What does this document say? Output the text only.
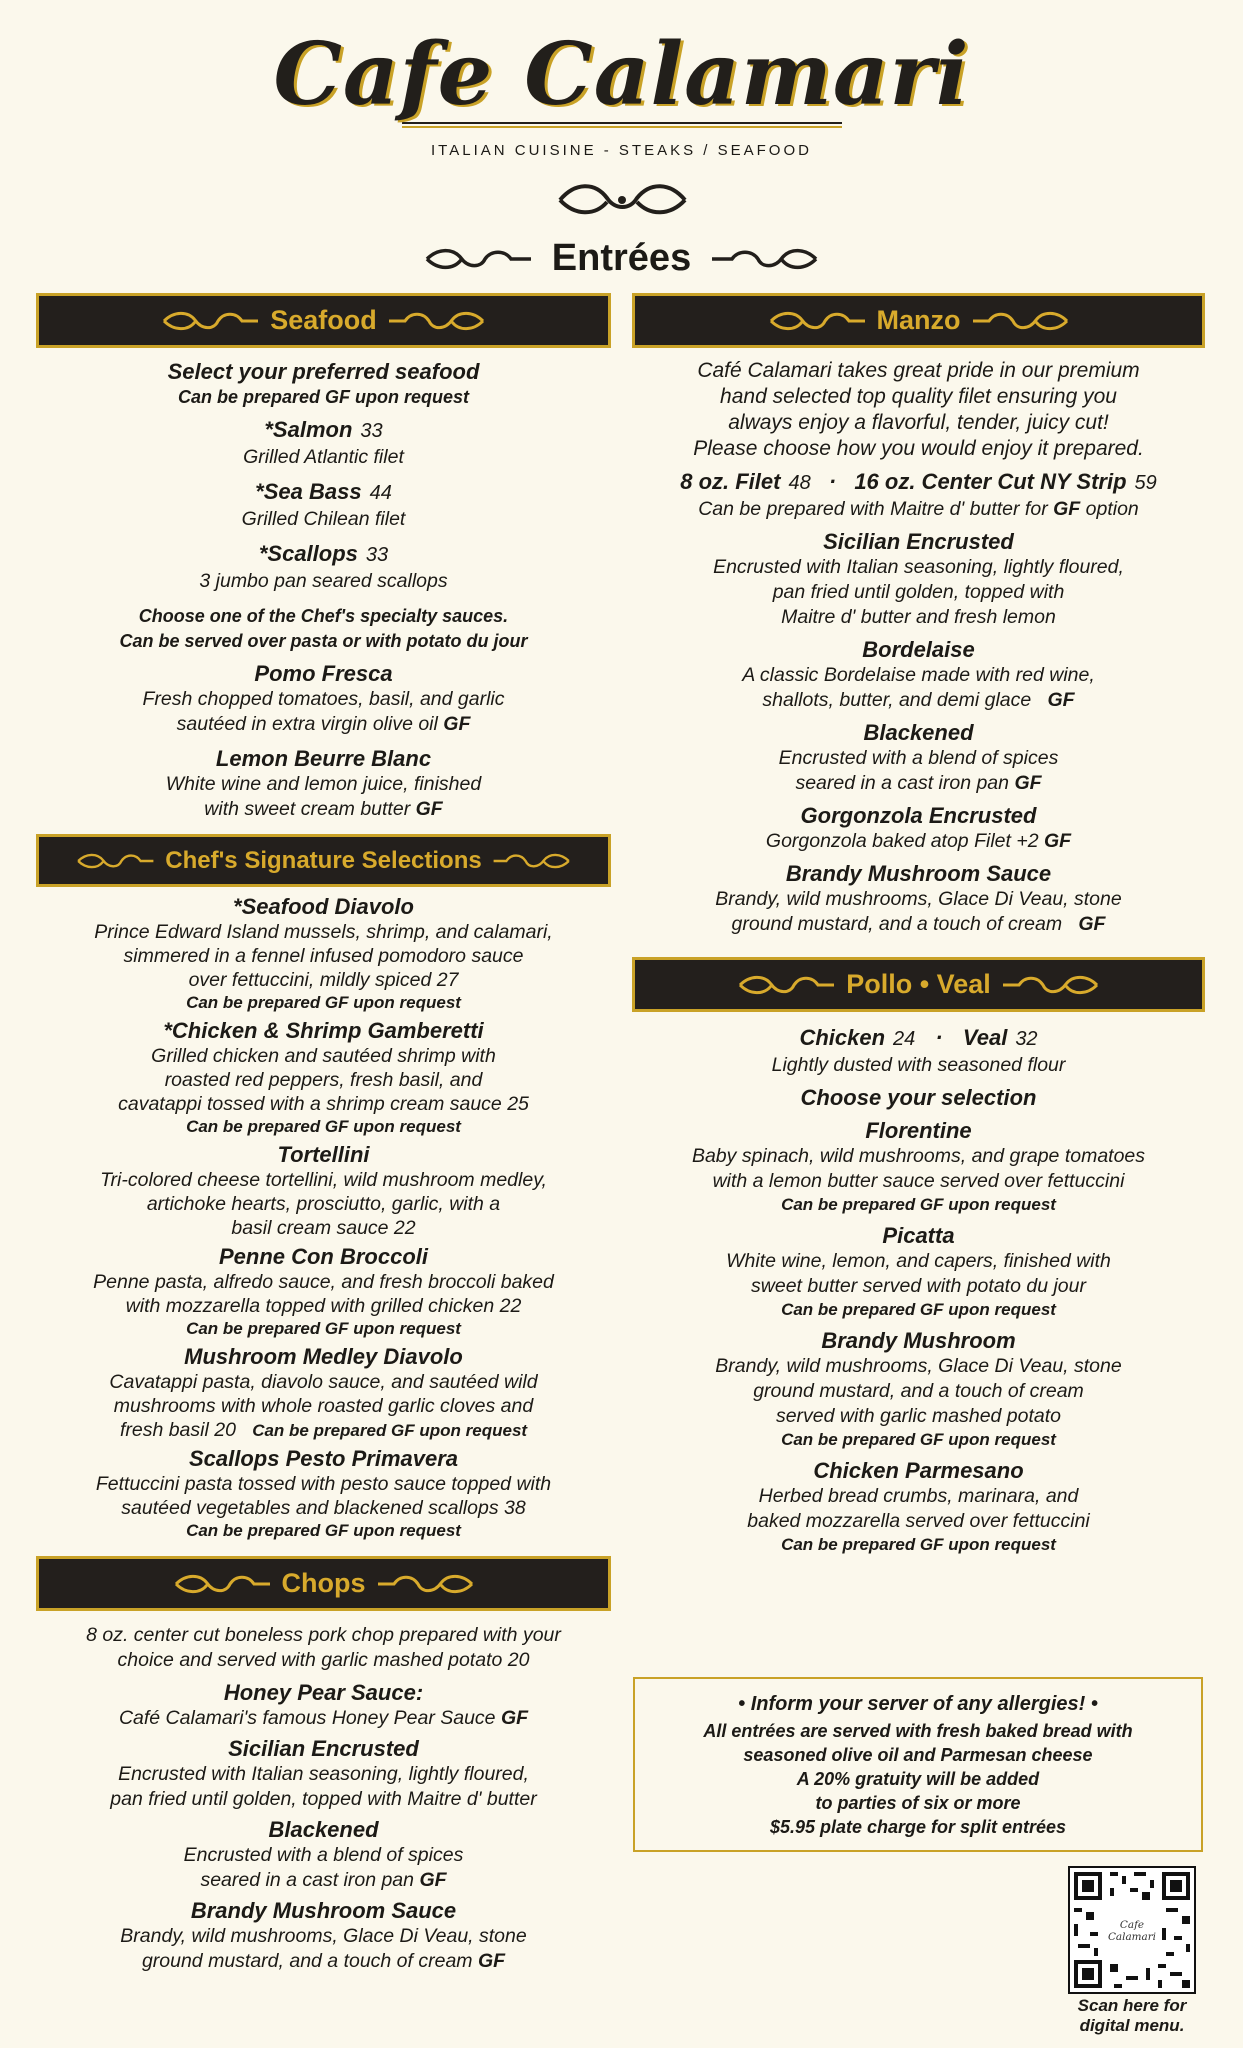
Cafe Calamari
ITALIAN CUISINE - STEAKS / SEAFOOD
Entrées
Seafood
Select your preferred seafood
Can be prepared GF upon request
*Salmon 33
Grilled Atlantic filet
*Sea Bass 44
Grilled Chilean filet
*Scallops 33
3 jumbo pan seared scallops
Choose one of the Chef's specialty sauces.
Can be served over pasta or with potato du jour
Pomo Fresca
Fresh chopped tomatoes, basil, and garlic
sautéed in extra virgin olive oil GF
Lemon Beurre Blanc
White wine and lemon juice, finished
with sweet cream butter GF
Chef's Signature Selections
*Seafood Diavolo
Prince Edward Island mussels, shrimp, and calamari,
simmered in a fennel infused pomodoro sauce
over fettuccini, mildly spiced 27
Can be prepared GF upon request
*Chicken & Shrimp Gamberetti
Grilled chicken and sautéed shrimp with
roasted red peppers, fresh basil, and
cavatappi tossed with a shrimp cream sauce 25
Can be prepared GF upon request
Tortellini
Tri-colored cheese tortellini, wild mushroom medley,
artichoke hearts, prosciutto, garlic, with a
basil cream sauce 22
Penne Con Broccoli
Penne pasta, alfredo sauce, and fresh broccoli baked
with mozzarella topped with grilled chicken 22
Can be prepared GF upon request
Mushroom Medley Diavolo
Cavatappi pasta, diavolo sauce, and sautéed wild
mushrooms with whole roasted garlic cloves and
fresh basil 20 Can be prepared GF upon request
Scallops Pesto Primavera
Fettuccini pasta tossed with pesto sauce topped with
sautéed vegetables and blackened scallops 38
Can be prepared GF upon request
Chops
8 oz. center cut boneless pork chop prepared with your
choice and served with garlic mashed potato 20
Honey Pear Sauce:
Café Calamari's famous Honey Pear Sauce GF
Sicilian Encrusted
Encrusted with Italian seasoning, lightly floured,
pan fried until golden, topped with Maitre d' butter
Blackened
Encrusted with a blend of spices
seared in a cast iron pan GF
Brandy Mushroom Sauce
Brandy, wild mushrooms, Glace Di Veau, stone
ground mustard, and a touch of cream GF
Manzo
Café Calamari takes great pride in our premium
hand selected top quality filet ensuring you
always enjoy a flavorful, tender, juicy cut!
Please choose how you would enjoy it prepared.
8 oz. Filet 48 · 16 oz. Center Cut NY Strip 59
Can be prepared with Maitre d' butter for GF option
Sicilian Encrusted
Encrusted with Italian seasoning, lightly floured,
pan fried until golden, topped with
Maitre d' butter and fresh lemon
Bordelaise
A classic Bordelaise made with red wine,
shallots, butter, and demi glace GF
Blackened
Encrusted with a blend of spices
seared in a cast iron pan GF
Gorgonzola Encrusted
Gorgonzola baked atop Filet +2 GF
Brandy Mushroom Sauce
Brandy, wild mushrooms, Glace Di Veau, stone
ground mustard, and a touch of cream GF
Pollo • Veal
Chicken 24 · Veal 32
Lightly dusted with seasoned flour
Choose your selection
Florentine
Baby spinach, wild mushrooms, and grape tomatoes
with a lemon butter sauce served over fettuccini
Can be prepared GF upon request
Picatta
White wine, lemon, and capers, finished with
sweet butter served with potato du jour
Can be prepared GF upon request
Brandy Mushroom
Brandy, wild mushrooms, Glace Di Veau, stone
ground mustard, and a touch of cream
served with garlic mashed potato
Can be prepared GF upon request
Chicken Parmesano
Herbed bread crumbs, marinara, and
baked mozzarella served over fettuccini
Can be prepared GF upon request
• Inform your server of any allergies! •
All entrées are served with fresh baked bread with
seasoned olive oil and Parmesan cheese
A 20% gratuity will be added
to parties of six or more
$5.95 plate charge for split entrées
Cafe
Calamari
Scan here for
digital menu.
